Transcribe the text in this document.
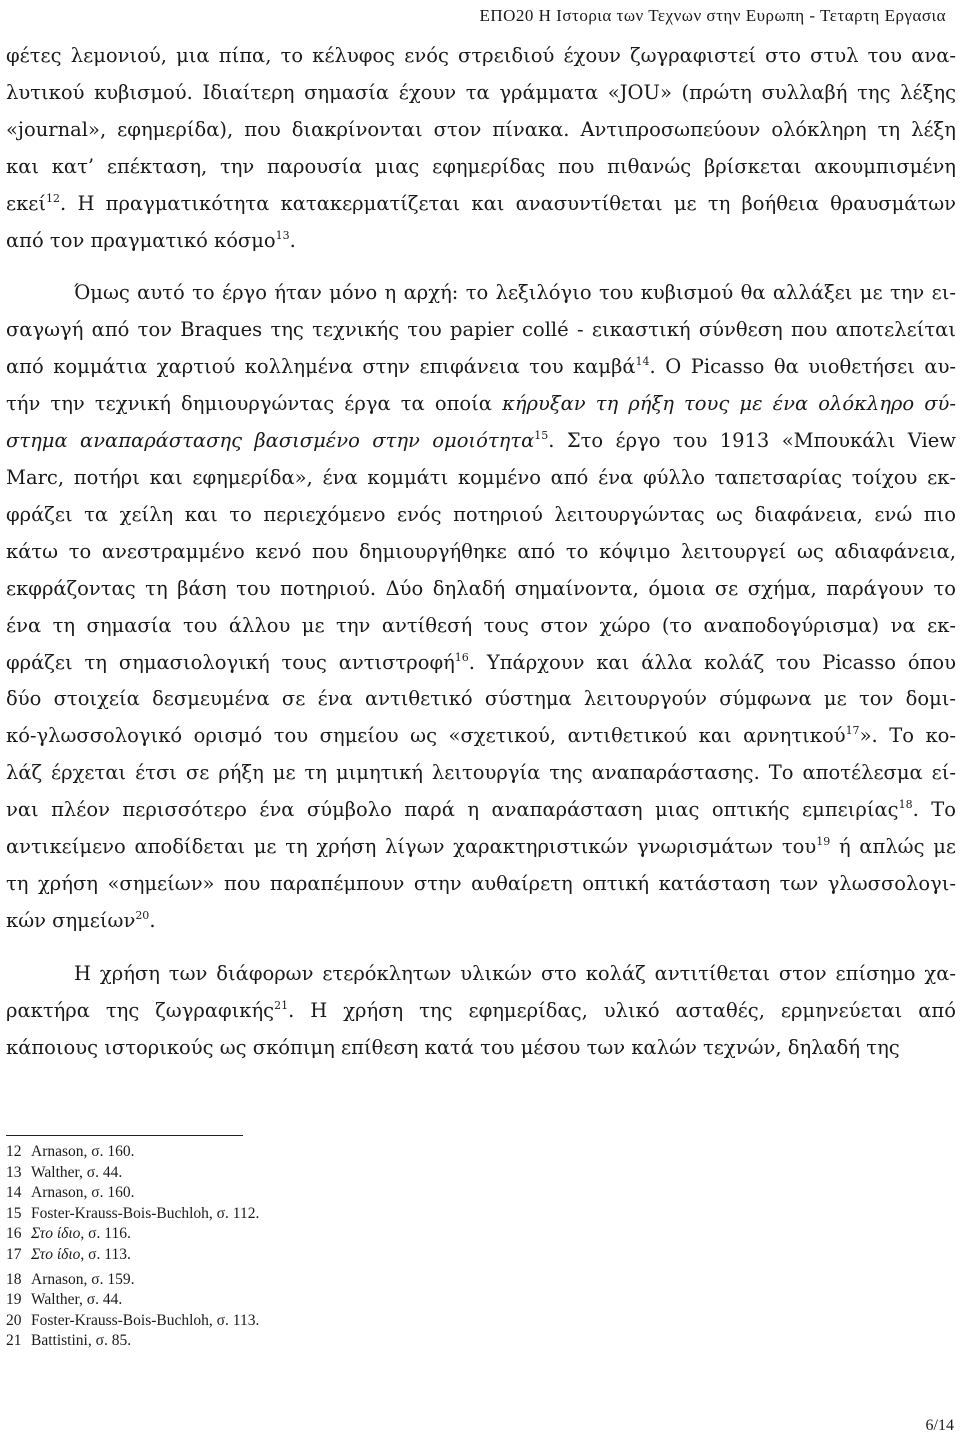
ΕΠΟ20 Η Ιστορια των Τεχνων στην Ευρωπη - Τεταρτη Εργασια
φέτες λεμονιού, μια πίπα, το κέλυφος ενός στρειδιού έχουν ζωγραφιστεί στο στυλ του ανα-
λυτικού κυβισμού. Ιδιαίτερη σημασία έχουν τα γράμματα «JOU» (πρώτη συλλαβή της λέξης
«journal», εφημερίδα), που διακρίνονται στον πίνακα. Αντιπροσωπεύουν ολόκληρη τη λέξη
και κατ’ επέκταση, την παρουσία μιας εφημερίδας που πιθανώς βρίσκεται ακουμπισμένη
εκεί$^{12}$. Η πραγματικότητα κατακερματίζεται και ανασυντίθεται με τη βοήθεια θραυσμάτων
από τον πραγματικό κόσμο$^{13}$.
Όμως αυτό το έργο ήταν μόνο η αρχή: το λεξιλόγιο του κυβισμού θα αλλάξει με την ει-
σαγωγή από τον Braques της τεχνικής του papier collé - εικαστική σύνθεση που αποτελείται
από κομμάτια χαρτιού κολλημένα στην επιφάνεια του καμβά$^{14}$. Ο Picasso θα υιοθετήσει αυ-
τήν την τεχνική δημιουργώντας έργα τα οποία κήρυξαν τη ρήξη τους με ένα ολόκληρο σύ-
στημα αναπαράστασης βασισμένο στην ομοιότητα$^{15}$. Στο έργο του 1913 «Μπουκάλι View
Marc, ποτήρι και εφημερίδα», ένα κομμάτι κομμένο από ένα φύλλο ταπετσαρίας τοίχου εκ-
φράζει τα χείλη και το περιεχόμενο ενός ποτηριού λειτουργώντας ως διαφάνεια, ενώ πιο
κάτω το ανεστραμμένο κενό που δημιουργήθηκε από το κόψιμο λειτουργεί ως αδιαφάνεια,
εκφράζοντας τη βάση του ποτηριού. Δύο δηλαδή σημαίνοντα, όμοια σε σχήμα, παράγουν το
ένα τη σημασία του άλλου με την αντίθεσή τους στον χώρο (το αναποδογύρισμα) να εκ-
φράζει τη σημασιολογική τους αντιστροφή$^{16}$. Υπάρχουν και άλλα κολάζ του Picasso όπου
δύο στοιχεία δεσμευμένα σε ένα αντιθετικό σύστημα λειτουργούν σύμφωνα με τον δομι-
κό-γλωσσολογικό ορισμό του σημείου ως «σχετικού, αντιθετικού και αρνητικού$^{17}$». Το κο-
λάζ έρχεται έτσι σε ρήξη με τη μιμητική λειτουργία της αναπαράστασης. Το αποτέλεσμα εί-
ναι πλέον περισσότερο ένα σύμβολο παρά η αναπαράσταση μιας οπτικής εμπειρίας$^{18}$. Το
αντικείμενο αποδίδεται με τη χρήση λίγων χαρακτηριστικών γνωρισμάτων του$^{19}$ ή απλώς με
τη χρήση «σημείων» που παραπέμπουν στην αυθαίρετη οπτική κατάσταση των γλωσσολογι-
κών σημείων$^{20}$.
Η χρήση των διάφορων ετερόκλητων υλικών στο κολάζ αντιτίθεται στον επίσημο χα-
ρακτήρα της ζωγραφικής$^{21}$. Η χρήση της εφημερίδας, υλικό ασταθές, ερμηνεύεται από
κάποιους ιστορικούς ως σκόπιμη επίθεση κατά του μέσου των καλών τεχνών, δηλαδή της
12 Arnason, σ. 160.
13 Walther, σ. 44.
14 Arnason, σ. 160.
15 Foster-Krauss-Bois-Buchloh, σ. 112.
16 Στο ίδιο, σ. 116.
17 Στο ίδιο, σ. 113.
18 Arnason, σ. 159.
19 Walther, σ. 44.
20 Foster-Krauss-Bois-Buchloh, σ. 113.
21 Battistini, σ. 85.
6/14
